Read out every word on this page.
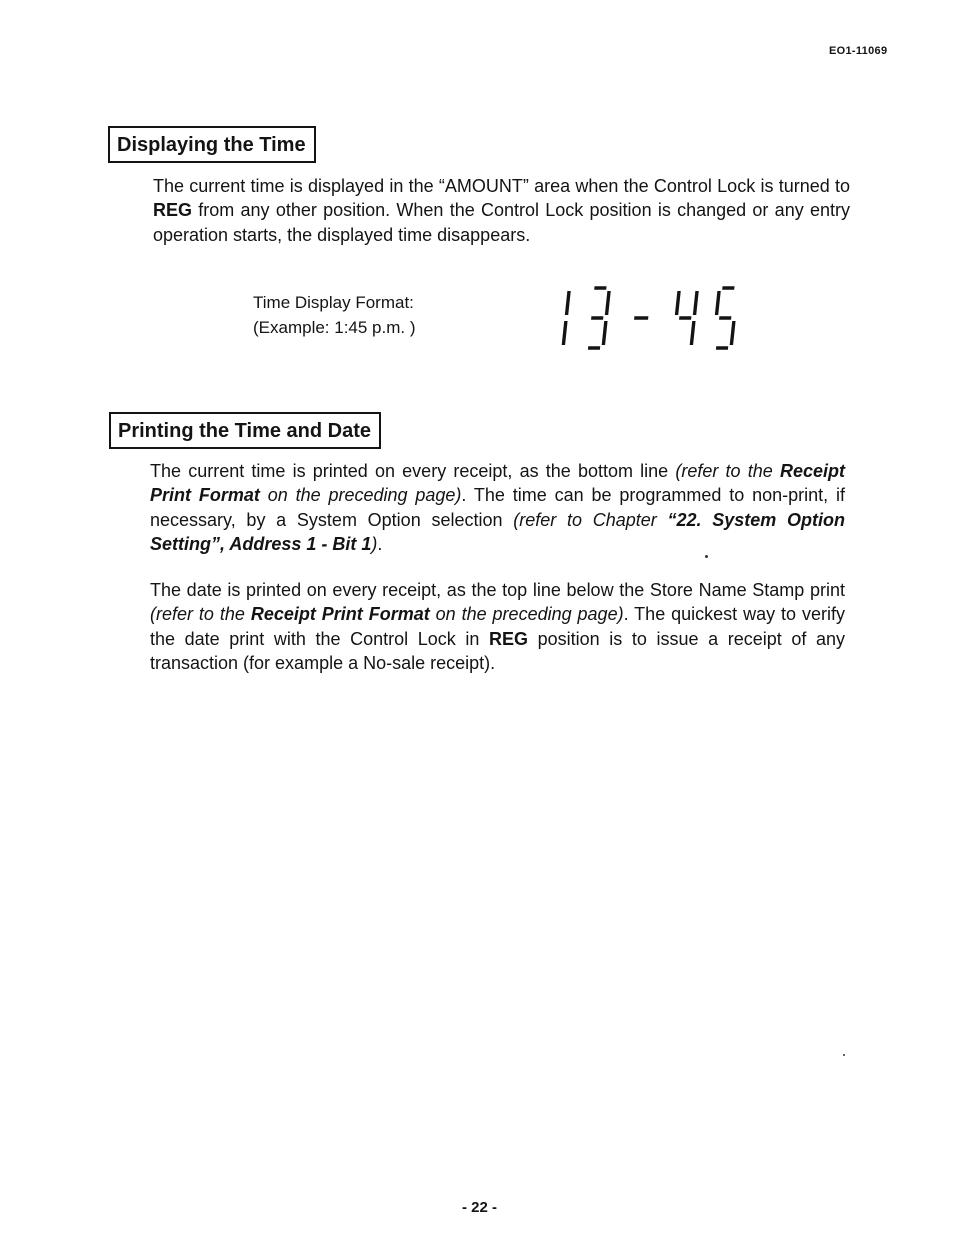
EO1-11069
Displaying the Time

The current time is displayed in the “AMOUNT” area when the Control Lock is turned to REG from any other position. When the Control Lock position is changed or any entry operation starts, the displayed time disappears.

Time Display Format:
(Example: 1:45 p.m. )
Printing the Time and Date

The current time is printed on every receipt, as the bottom line (refer to the Receipt Print Format on the preceding page). The time can be programmed to non-print, if necessary, by a System Option selection (refer to Chapter “22. System Option Setting”, Address 1 - Bit 1).

The date is printed on every receipt, as the top line below the Store Name Stamp print (refer to the Receipt Print Format on the preceding page). The quickest way to verify the date print with the Control Lock in REG position is to issue a receipt of any transaction (for example a No-sale receipt).

- 22 -
